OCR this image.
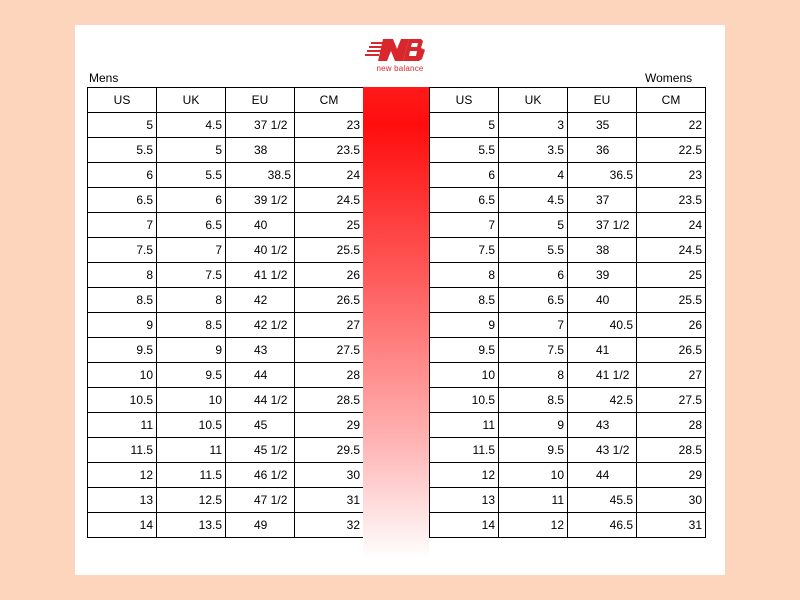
new balance
Mens	Womens
US	UK	EU	CM
5	4.5	37 1/2	23
5.5	5	38	23.5
6	5.5	38.5	24
6.5	6	39 1/2	24.5
7	6.5	40	25
7.5	7	40 1/2	25.5
8	7.5	41 1/2	26
8.5	8	42	26.5
9	8.5	42 1/2	27
9.5	9	43	27.5
10	9.5	44	28
10.5	10	44 1/2	28.5
11	10.5	45	29
11.5	11	45 1/2	29.5
12	11.5	46 1/2	30
13	12.5	47 1/2	31
14	13.5	49	32
US	UK	EU	CM
5	3	35	22
5.5	3.5	36	22.5
6	4	36.5	23
6.5	4.5	37	23.5
7	5	37 1/2	24
7.5	5.5	38	24.5
8	6	39	25
8.5	6.5	40	25.5
9	7	40.5	26
9.5	7.5	41	26.5
10	8	41 1/2	27
10.5	8.5	42.5	27.5
11	9	43	28
11.5	9.5	43 1/2	28.5
12	10	44	29
13	11	45.5	30
14	12	46.5	31
